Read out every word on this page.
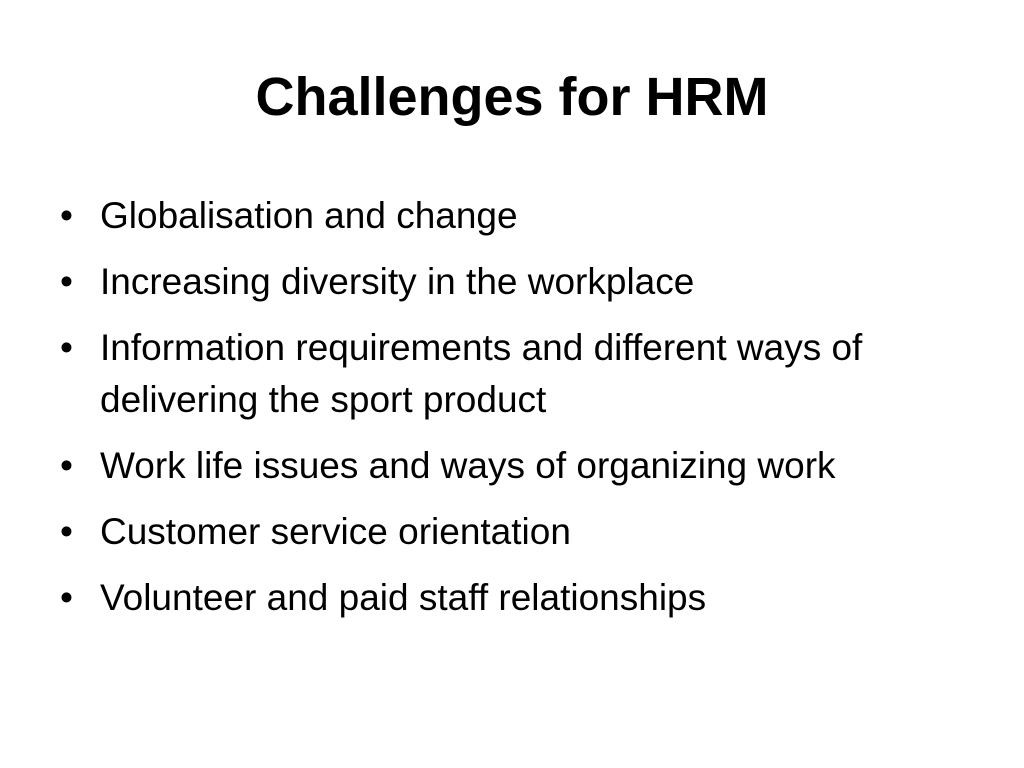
Challenges for HRM
• Globalisation and change
• Increasing diversity in the workplace
• Information requirements and different ways of delivering the sport product
• Work life issues and ways of organizing work
• Customer service orientation
• Volunteer and paid staff relationships
